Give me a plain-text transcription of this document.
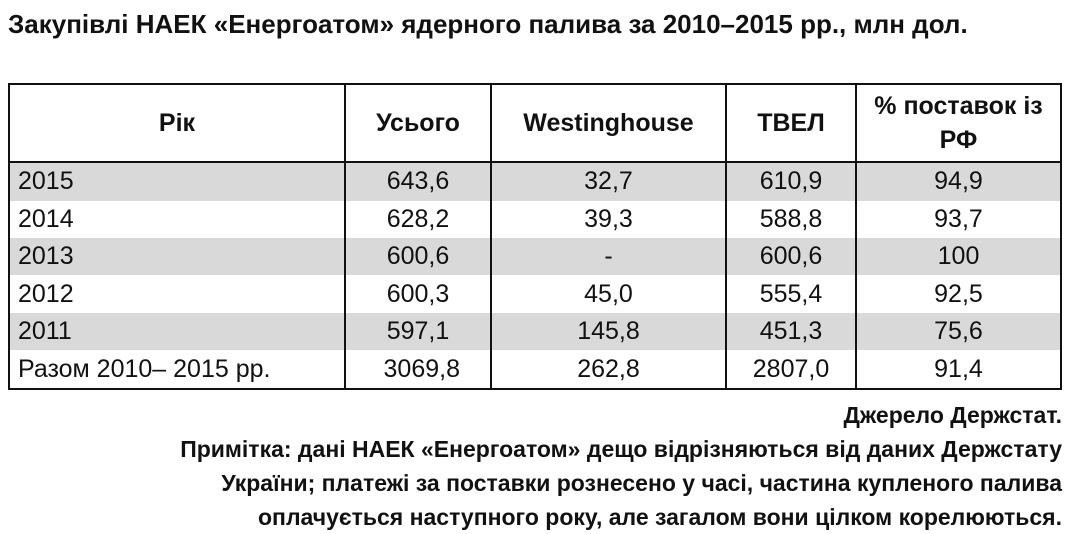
Закупівлі НАЕК «Енергоатом» ядерного палива за 2010–2015 рр., млн дол.
Рік	Усього	Westinghouse	ТВЕЛ	% поставок із РФ
2015	643,6	32,7	610,9	94,9
2014	628,2	39,3	588,8	93,7
2013	600,6	-	600,6	100
2012	600,3	45,0	555,4	92,5
2011	597,1	145,8	451,3	75,6
Разом 2010– 2015 рр.	3069,8	262,8	2807,0	91,4
Джерело Держстат.
Примітка: дані НАЕК «Енергоатом» дещо відрізняються від даних Держстату
України; платежі за поставки рознесено у часі, частина купленого палива
оплачується наступного року, але загалом вони цілком корелюються.
